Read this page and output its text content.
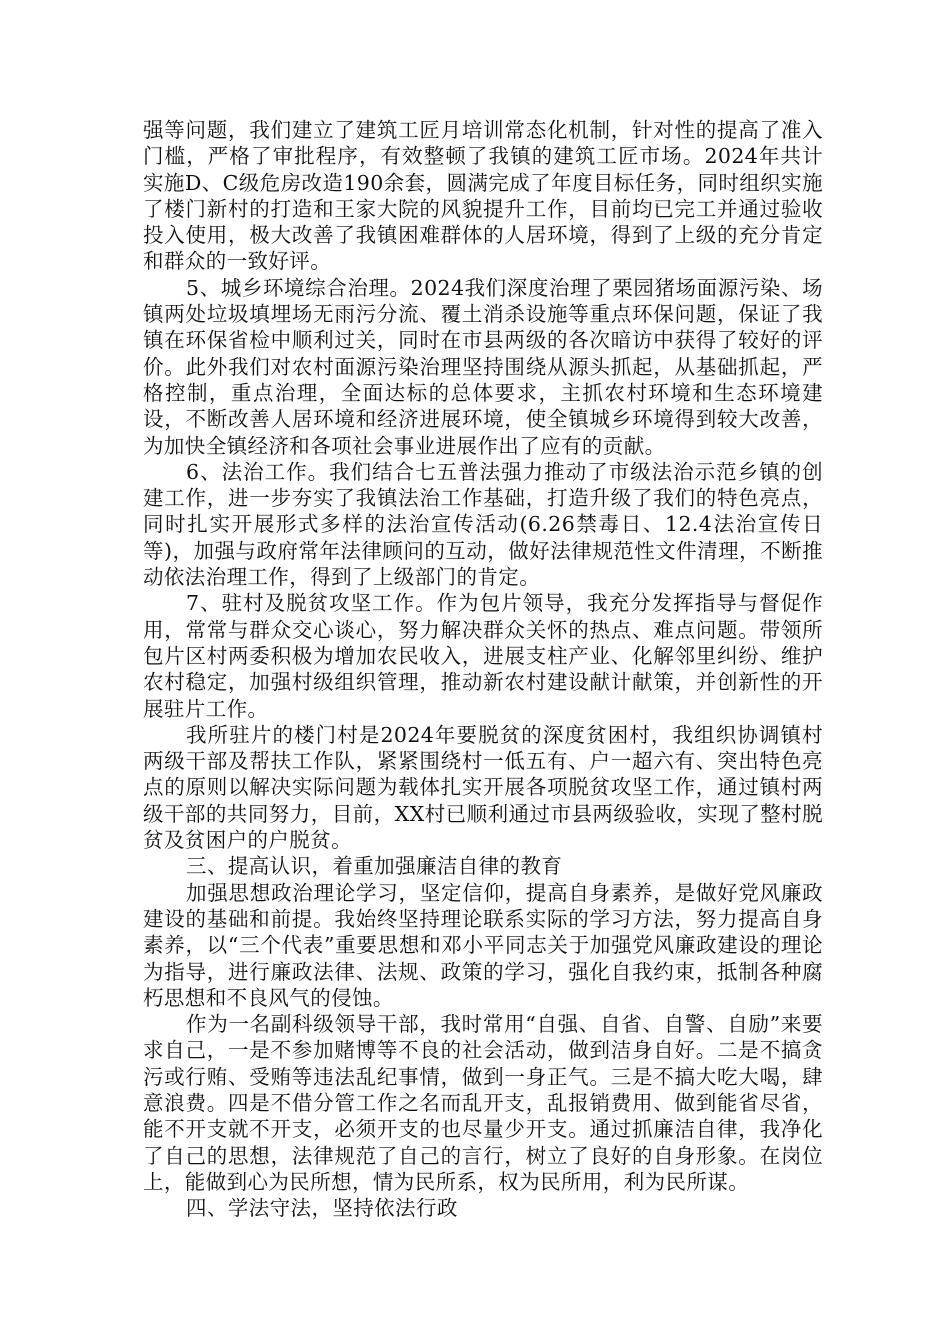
强等问题，我们建立了建筑工匠月培训常态化机制，针对性的提高了准入门槛，严格了审批程序，有效整顿了我镇的建筑工匠市场。2024年共计实施D、C级危房改造190余套，圆满完成了年度目标任务，同时组织实施了楼门新村的打造和王家大院的风貌提升工作，目前均已完工并通过验收投入使用，极大改善了我镇困难群体的人居环境，得到了上级的充分肯定和群众的一致好评。

5、城乡环境综合治理。2024我们深度治理了栗园猪场面源污染、场镇两处垃圾填埋场无雨污分流、覆土消杀设施等重点环保问题，保证了我镇在环保省检中顺利过关，同时在市县两级的各次暗访中获得了较好的评价。此外我们对农村面源污染治理坚持围绕从源头抓起，从基础抓起，严格控制，重点治理，全面达标的总体要求，主抓农村环境和生态环境建设，不断改善人居环境和经济进展环境，使全镇城乡环境得到较大改善，为加快全镇经济和各项社会事业进展作出了应有的贡献。

6、法治工作。我们结合七五普法强力推动了市级法治示范乡镇的创建工作，进一步夯实了我镇法治工作基础，打造升级了我们的特色亮点，同时扎实开展形式多样的法治宣传活动(6.26禁毒日、12.4法治宣传日等)，加强与政府常年法律顾问的互动，做好法律规范性文件清理，不断推动依法治理工作，得到了上级部门的肯定。

7、驻村及脱贫攻坚工作。作为包片领导，我充分发挥指导与督促作用，常常与群众交心谈心，努力解决群众关怀的热点、难点问题。带领所包片区村两委积极为增加农民收入，进展支柱产业、化解邻里纠纷、维护农村稳定，加强村级组织管理，推动新农村建设献计献策，并创新性的开展驻片工作。

我所驻片的楼门村是2024年要脱贫的深度贫困村，我组织协调镇村两级干部及帮扶工作队，紧紧围绕村一低五有、户一超六有、突出特色亮点的原则以解决实际问题为载体扎实开展各项脱贫攻坚工作，通过镇村两级干部的共同努力，目前，XX村已顺利通过市县两级验收，实现了整村脱贫及贫困户的户脱贫。

三、提高认识，着重加强廉洁自律的教育

加强思想政治理论学习，坚定信仰，提高自身素养，是做好党风廉政建设的基础和前提。我始终坚持理论联系实际的学习方法，努力提高自身素养，以“三个代表”重要思想和邓小平同志关于加强党风廉政建设的理论为指导，进行廉政法律、法规、政策的学习，强化自我约束，抵制各种腐朽思想和不良风气的侵蚀。

作为一名副科级领导干部，我时常用“自强、自省、自警、自励”来要求自己，一是不参加赌博等不良的社会活动，做到洁身自好。二是不搞贪污或行贿、受贿等违法乱纪事情，做到一身正气。三是不搞大吃大喝，肆意浪费。四是不借分管工作之名而乱开支，乱报销费用、做到能省尽省，能不开支就不开支，必须开支的也尽量少开支。通过抓廉洁自律，我净化了自己的思想，法律规范了自己的言行，树立了良好的自身形象。在岗位上，能做到心为民所想，情为民所系，权为民所用，利为民所谋。

四、学法守法，坚持依法行政
